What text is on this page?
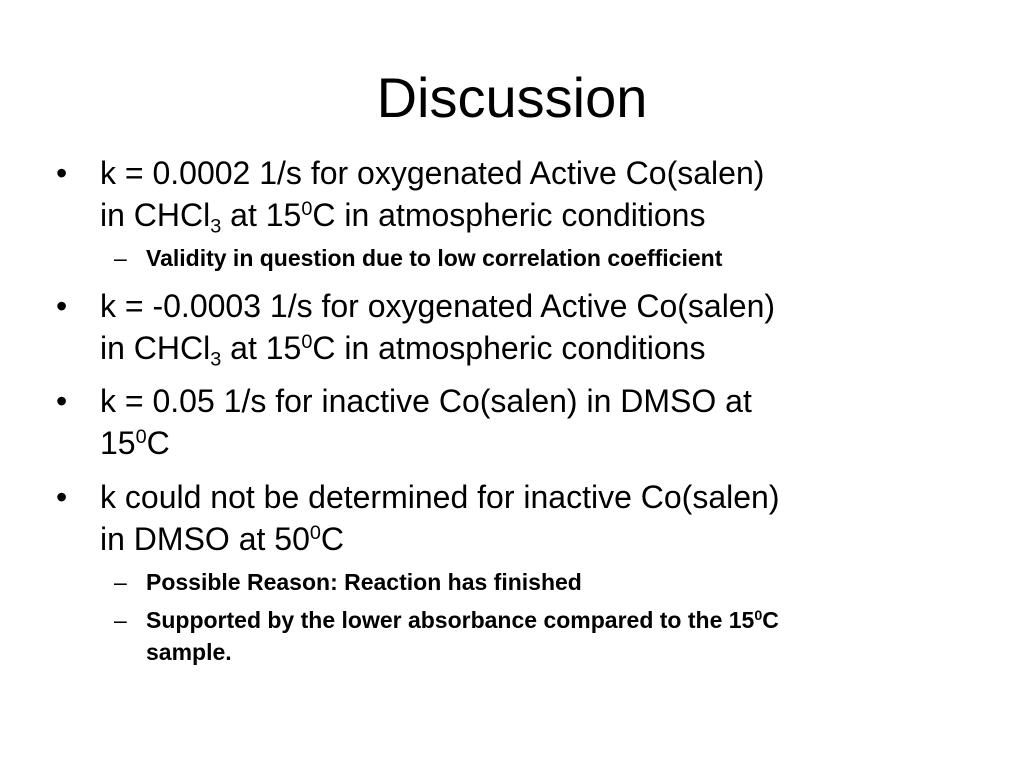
Discussion
• k = 0.0002 1/s for oxygenated Active Co(salen)
in CHCl$_3$ at $15^0C$ in atmospheric conditions
– Validity in question due to low correlation coefficient
• k = -0.0003 1/s for oxygenated Active Co(salen)
in CHCl$_3$ at $15^0C$ in atmospheric conditions
• k = 0.05 1/s for inactive Co(salen) in DMSO at
$15^0C$
• k could not be determined for inactive Co(salen)
in DMSO at $50^0C$
– Possible Reason: Reaction has finished
– Supported by the lower absorbance compared to the $15^0C$
sample.
